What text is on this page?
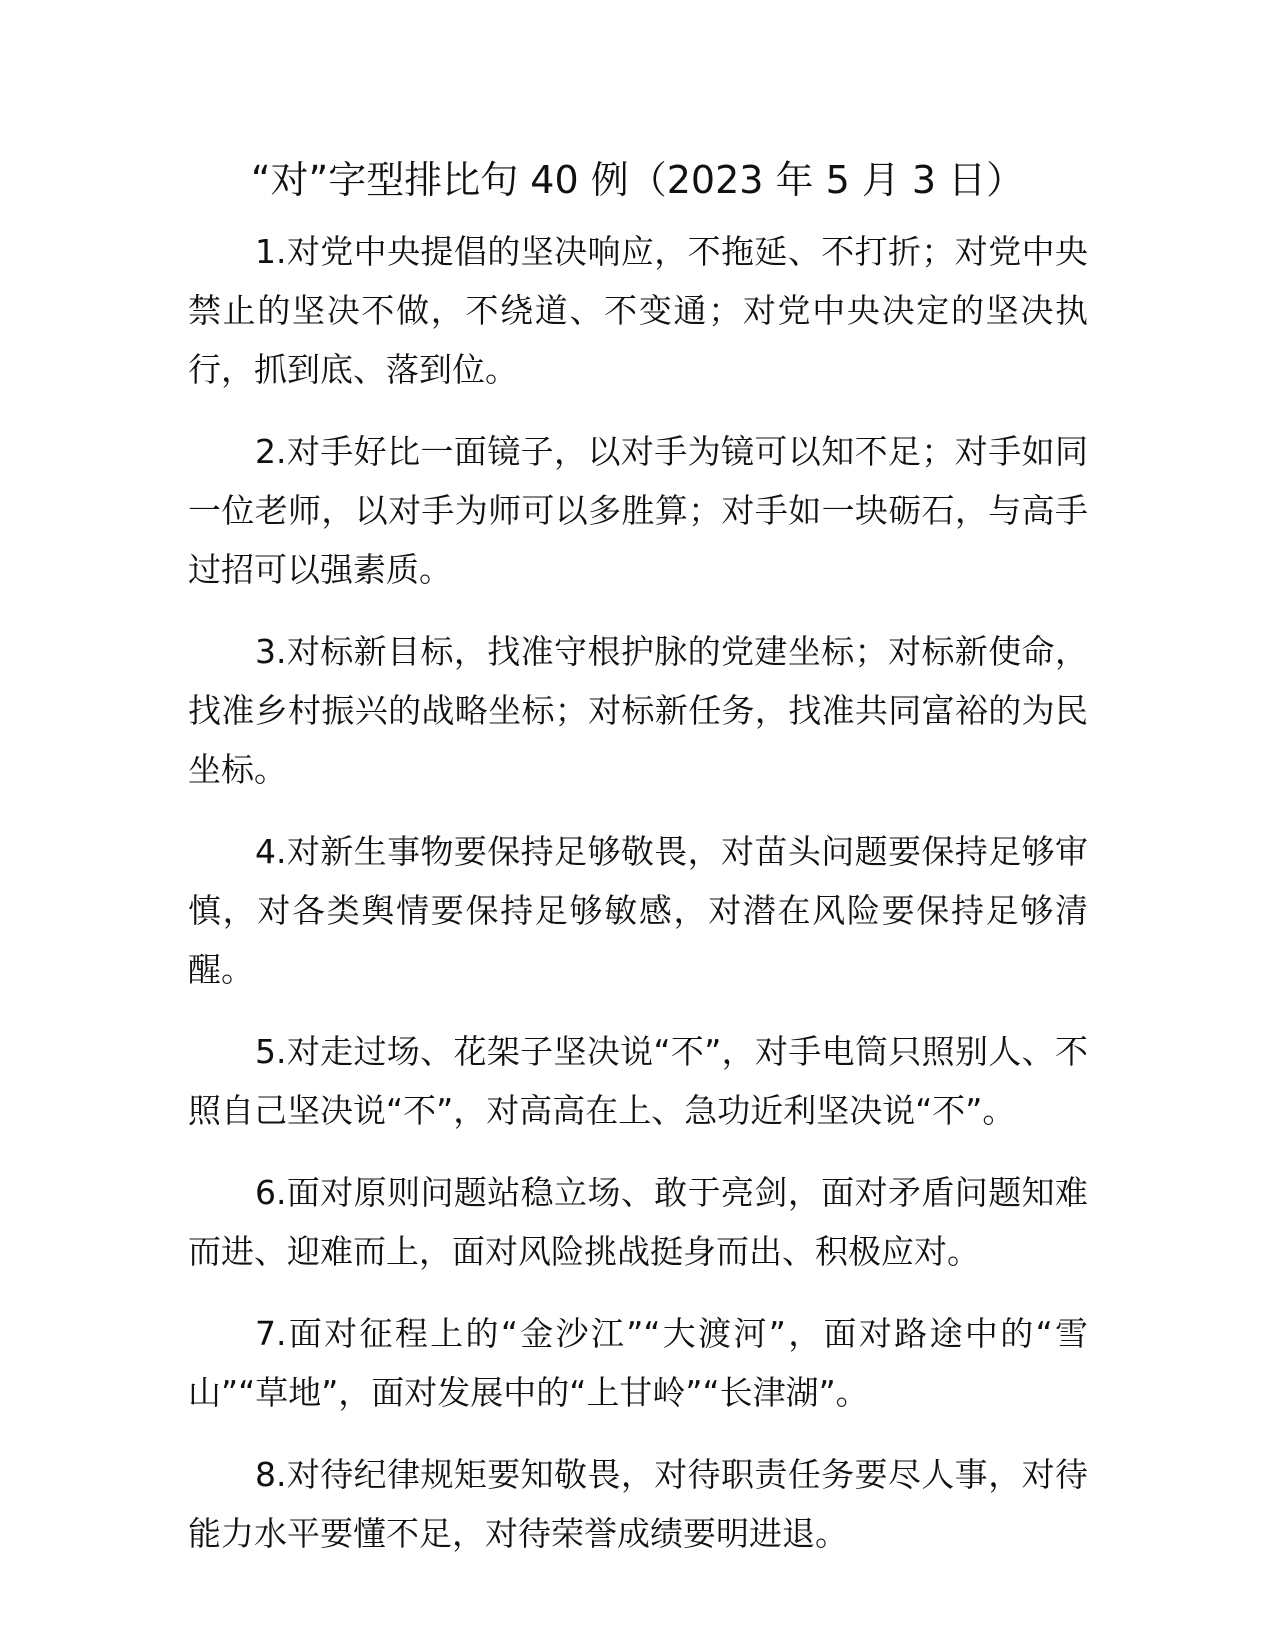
“对”字型排比句 40 例（2023 年 5 月 3 日）

1.对党中央提倡的坚决响应，不拖延、不打折；对党中央禁止的坚决不做，不绕道、不变通；对党中央决定的坚决执行，抓到底、落到位。

2.对手好比一面镜子，以对手为镜可以知不足；对手如同一位老师，以对手为师可以多胜算；对手如一块砺石，与高手过招可以强素质。

3.对标新目标，找准守根护脉的党建坐标；对标新使命，找准乡村振兴的战略坐标；对标新任务，找准共同富裕的为民坐标。

4.对新生事物要保持足够敬畏，对苗头问题要保持足够审慎，对各类舆情要保持足够敏感，对潜在风险要保持足够清醒。

5.对走过场、花架子坚决说“不”，对手电筒只照别人、不照自己坚决说“不”，对高高在上、急功近利坚决说“不”。

6.面对原则问题站稳立场、敢于亮剑，面对矛盾问题知难而进、迎难而上，面对风险挑战挺身而出、积极应对。

7.面对征程上的“金沙江”“大渡河”，面对路途中的“雪山”“草地”，面对发展中的“上甘岭”“长津湖”。

8.对待纪律规矩要知敬畏，对待职责任务要尽人事，对待能力水平要懂不足，对待荣誉成绩要明进退。
